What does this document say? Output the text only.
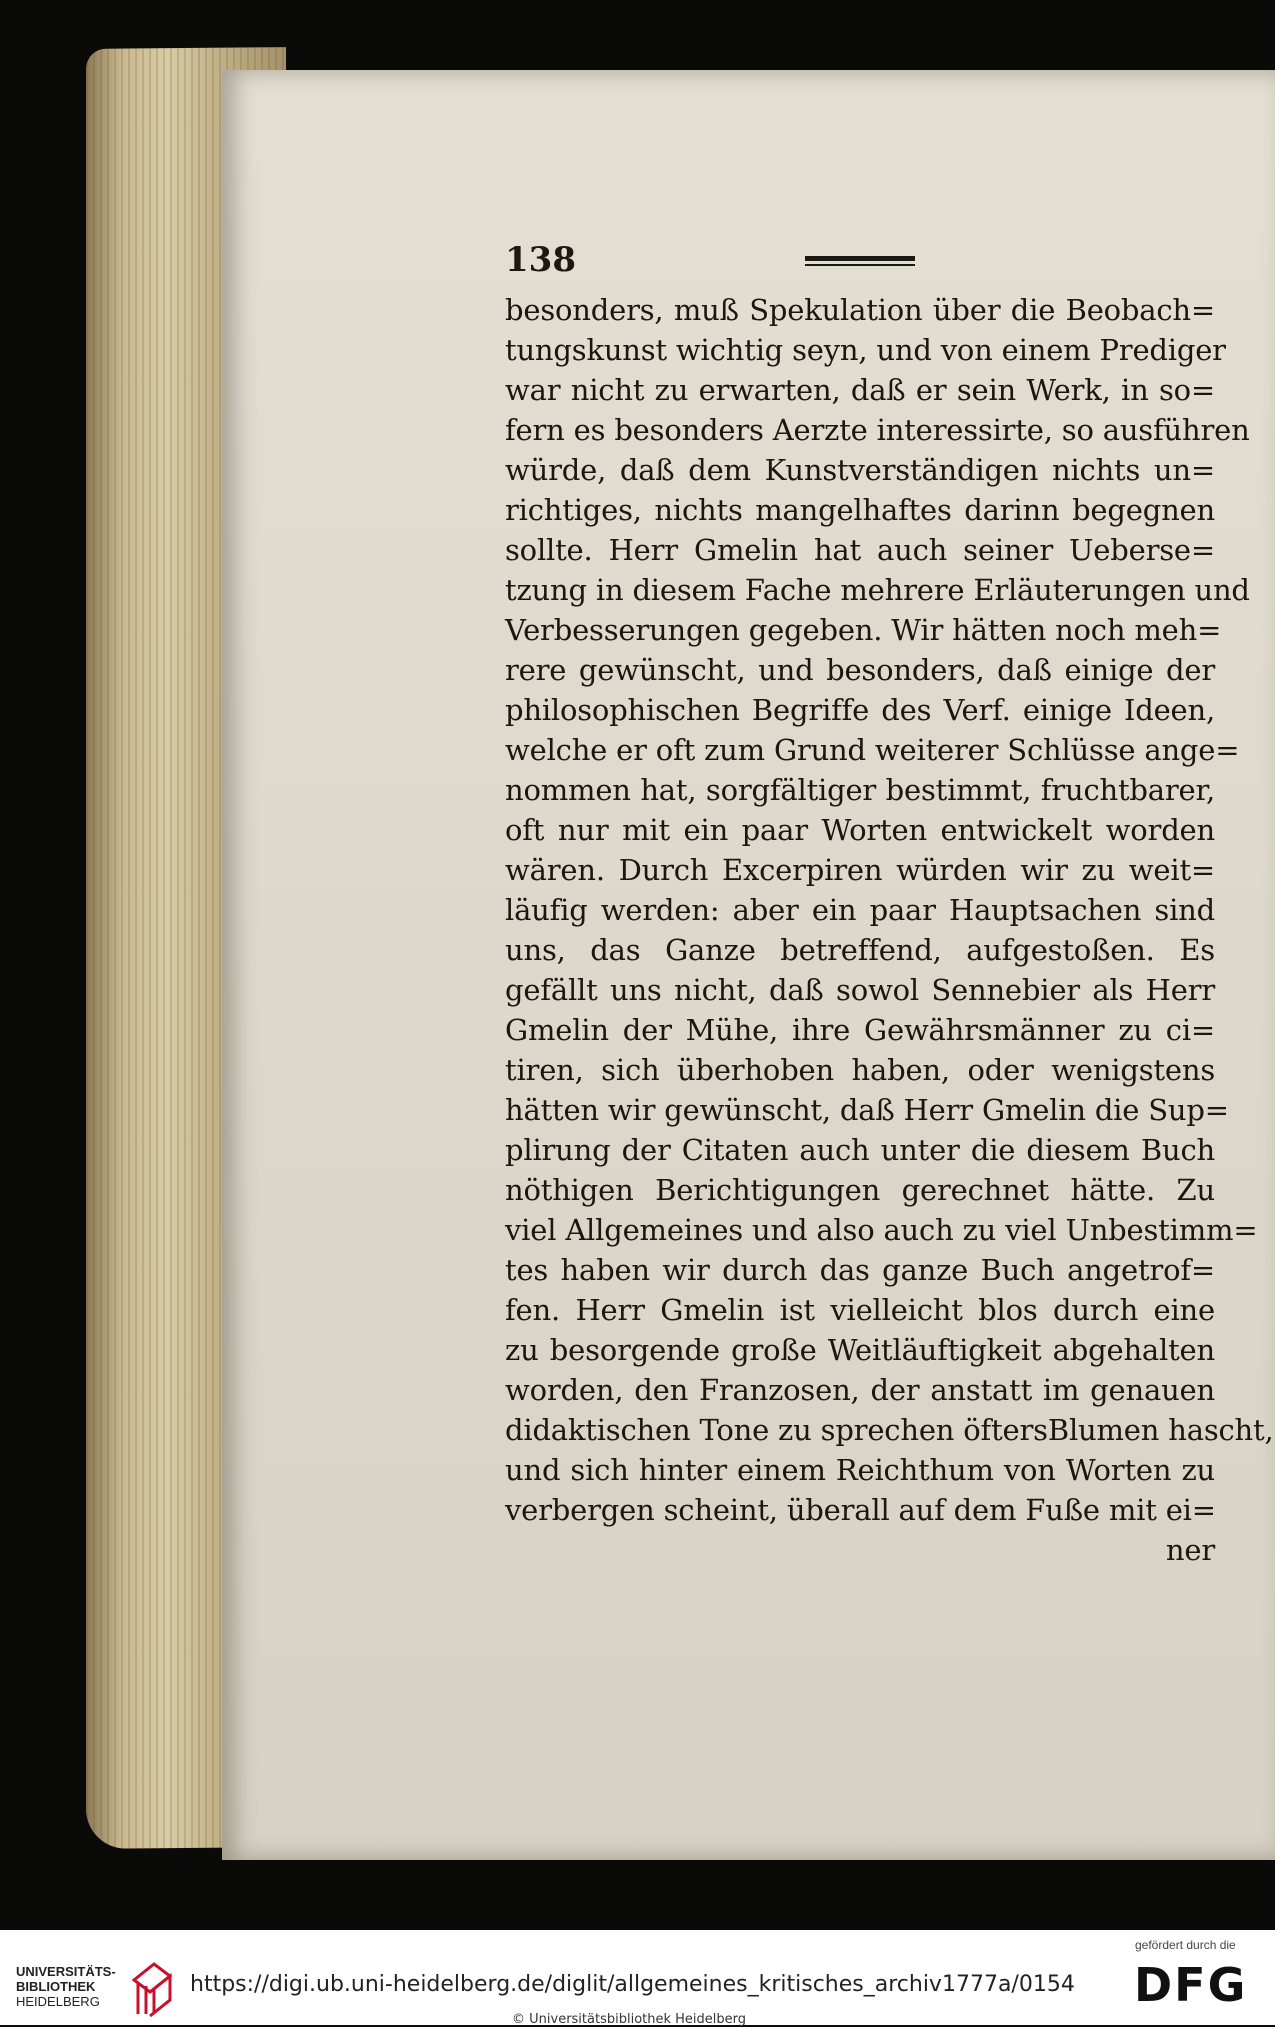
138
besonders, muß Spekulation über die Beobach=
tungskunst wichtig seyn, und von einem Prediger
war nicht zu erwarten, daß er sein Werk, in so=
fern es besonders Aerzte interessirte, so ausführen
würde, daß dem Kunstverständigen nichts un=
richtiges, nichts mangelhaftes darinn begegnen
sollte. Herr Gmelin hat auch seiner Uebersе=
tzung in diesem Fache mehrere Erläuterungen und
Verbesserungen gegeben. Wir hätten noch meh=
rere gewünscht, und besonders, daß einige der
philosophischen Begriffe des Verf. einige Ideen,
welche er oft zum Grund weiterer Schlüsse ange=
nommen hat, sorgfältiger bestimmt, fruchtbarer,
oft nur mit ein paar Worten entwickelt worden
wären. Durch Excerpiren würden wir zu weit=
läufig werden: aber ein paar Hauptsachen sind
uns, das Ganze betreffend, aufgestoßen. Es
gefällt uns nicht, daß sowol Sennebier als Herr
Gmelin der Mühe, ihre Gewährsmänner zu ci=
tiren, sich überhoben haben, oder wenigstens
hätten wir gewünscht, daß Herr Gmelin die Sup=
plirung der Citaten auch unter die diesem Buch
nöthigen Berichtigungen gerechnet hätte. Zu
viel Allgemeines und also auch zu viel Unbestimm=
tes haben wir durch das ganze Buch angetrof=
fen. Herr Gmelin ist vielleicht blos durch eine
zu besorgende große Weitläuftigkeit abgehalten
worden, den Franzosen, der anstatt im genauen
didaktischen Tone zu sprechen öftersBlumen hascht,
und sich hinter einem Reichthum von Worten zu
verbergen scheint, überall auf dem Fuße mit ei=
ner
UNIVERSITÄTS-
BIBLIOTHEK
HEIDELBERG
https://digi.ub.uni-heidelberg.de/diglit/allgemeines_kritisches_archiv1777a/0154
© Universitätsbibliothek Heidelberg
gefördert durch die
DFG
